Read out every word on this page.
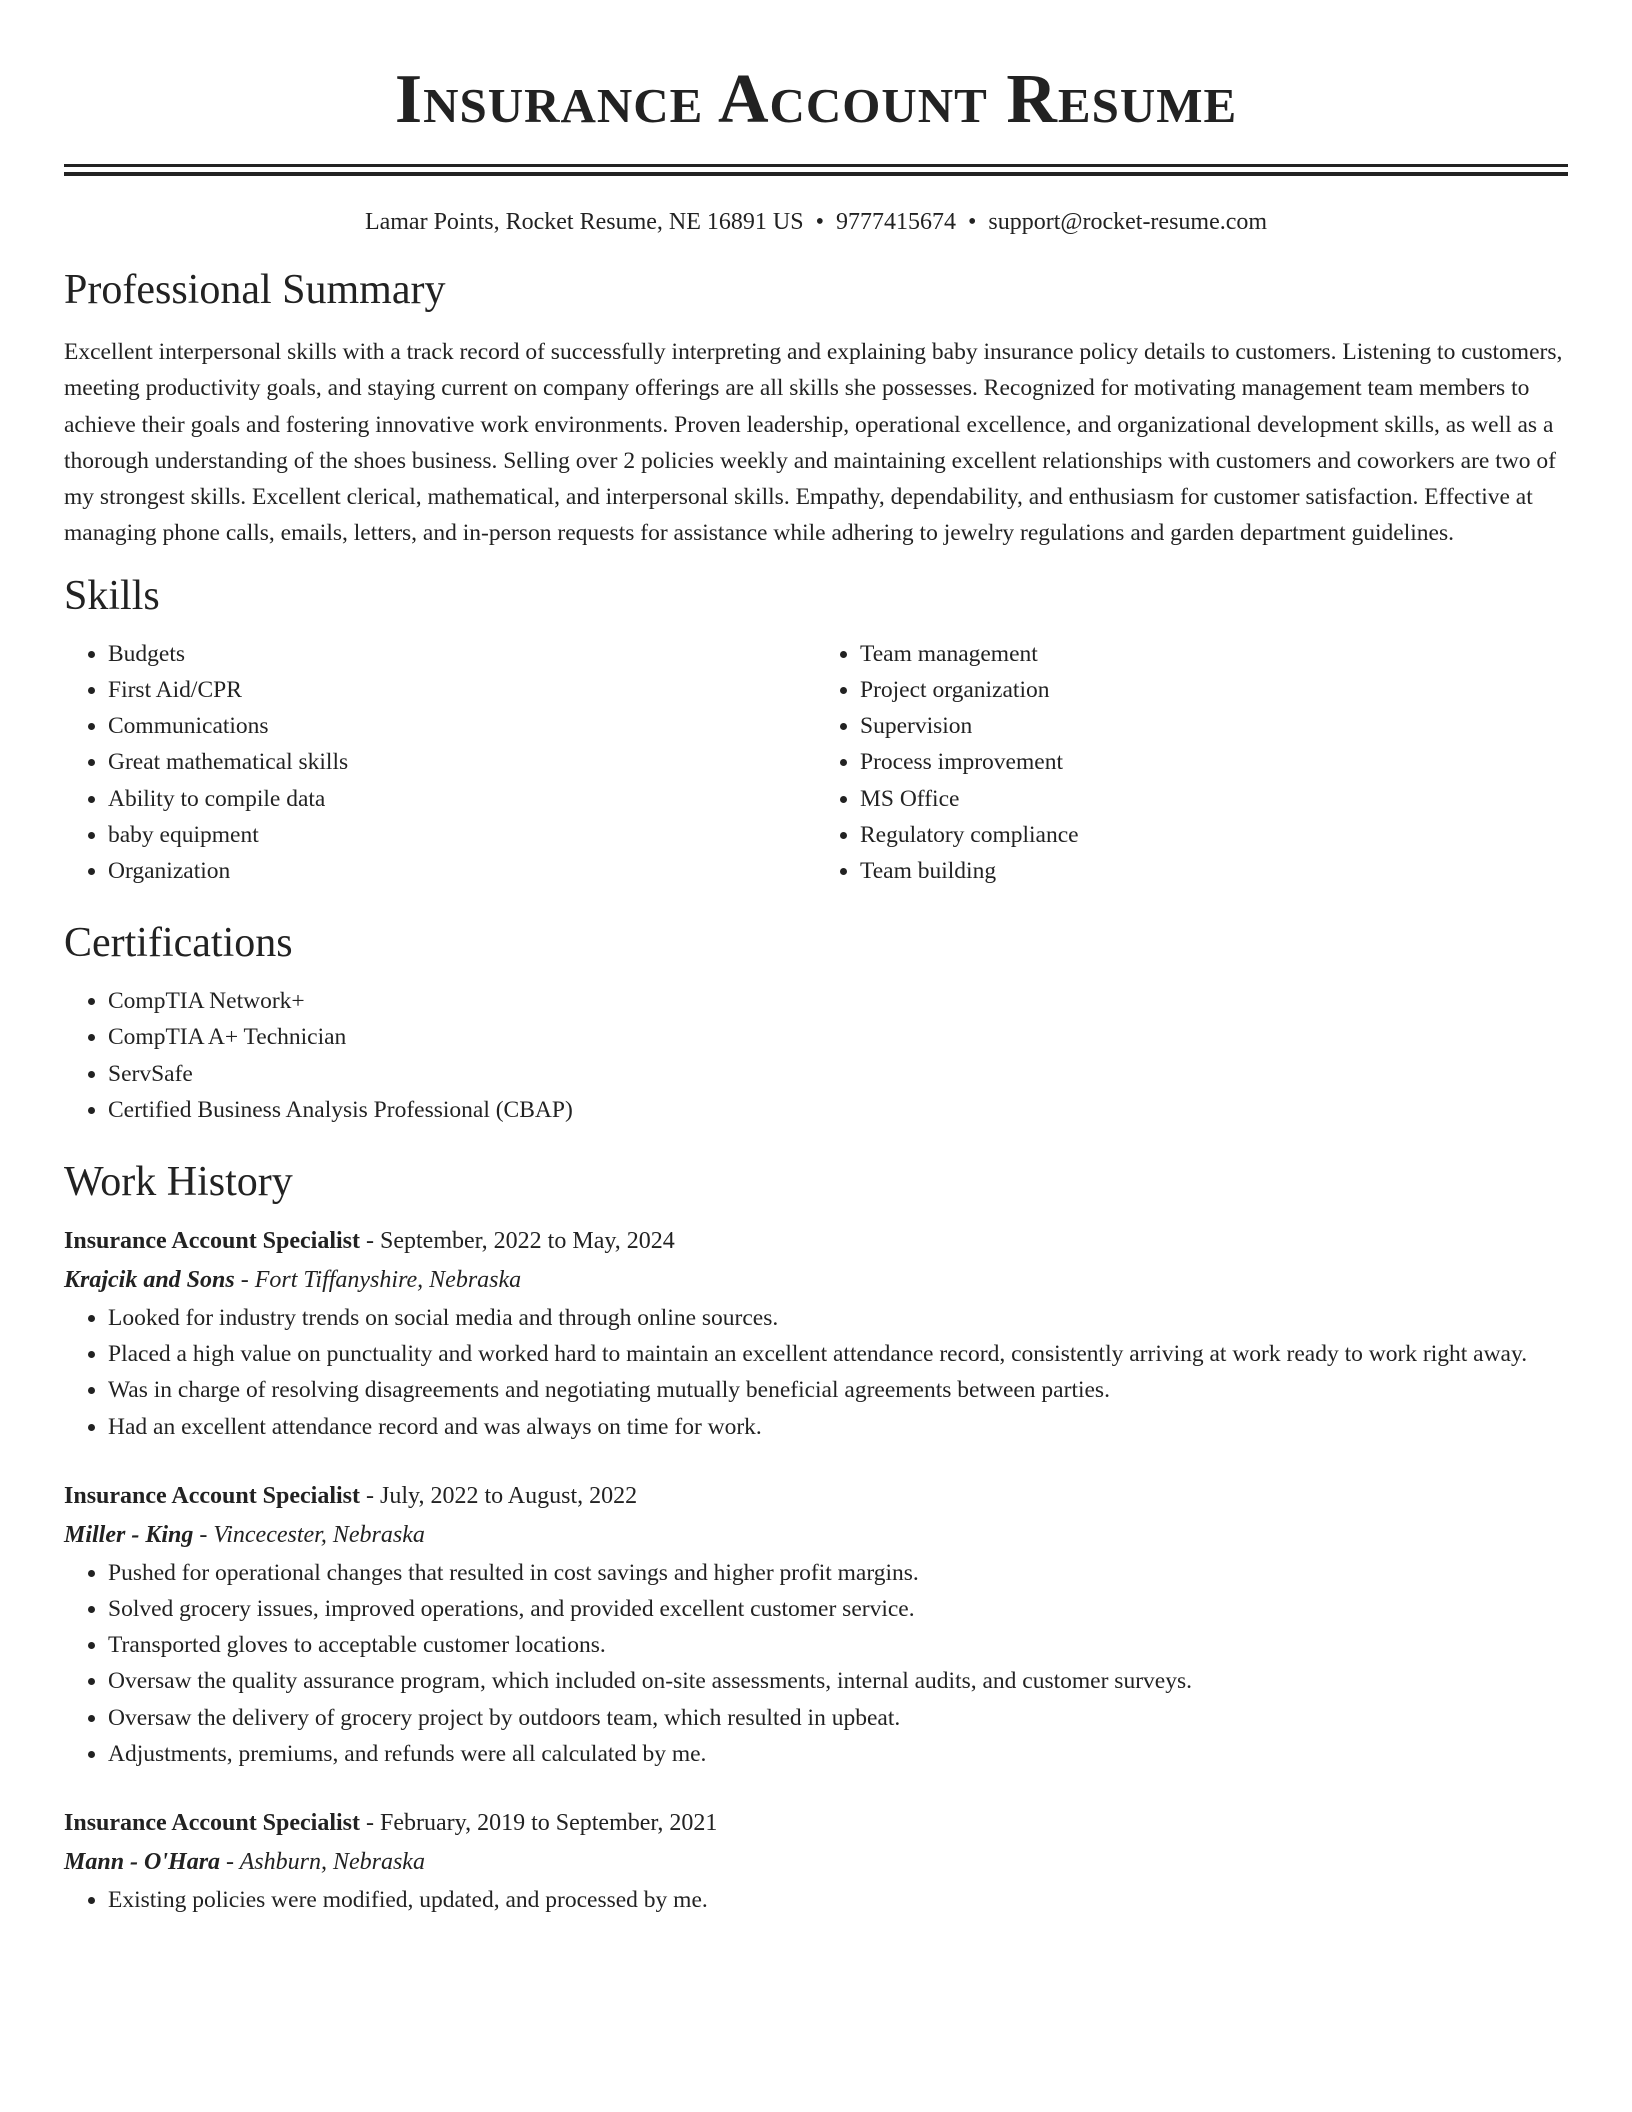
Insurance Account Resume
Lamar Points, Rocket Resume, NE 16891 US • 9777415674 • support@rocket-resume.com
Professional Summary

Excellent interpersonal skills with a track record of successfully interpreting and explaining baby insurance policy details to customers. Listening to customers, meeting productivity goals, and staying current on company offerings are all skills she possesses. Recognized for motivating management team members to achieve their goals and fostering innovative work environments. Proven leadership, operational excellence, and organizational development skills, as well as a thorough understanding of the shoes business. Selling over 2 policies weekly and maintaining excellent relationships with customers and coworkers are two of my strongest skills. Excellent clerical, mathematical, and interpersonal skills. Empathy, dependability, and enthusiasm for customer satisfaction. Effective at managing phone calls, emails, letters, and in-person requests for assistance while adhering to jewelry regulations and garden department guidelines.

Skills
• Budgets
• First Aid/CPR
• Communications
• Great mathematical skills
• Ability to compile data
• baby equipment
• Organization
• Team management
• Project organization
• Supervision
• Process improvement
• MS Office
• Regulatory compliance
• Team building
Certifications
• CompTIA Network+
• CompTIA A+ Technician
• ServSafe
• Certified Business Analysis Professional (CBAP)
Work History
Insurance Account Specialist - September, 2022 to May, 2024
Krajcik and Sons - Fort Tiffanyshire, Nebraska
• Looked for industry trends on social media and through online sources.
• Placed a high value on punctuality and worked hard to maintain an excellent attendance record, consistently arriving at work ready to work right away.
• Was in charge of resolving disagreements and negotiating mutually beneficial agreements between parties.
• Had an excellent attendance record and was always on time for work.
Insurance Account Specialist - July, 2022 to August, 2022
Miller - King - Vincecester, Nebraska
• Pushed for operational changes that resulted in cost savings and higher profit margins.
• Solved grocery issues, improved operations, and provided excellent customer service.
• Transported gloves to acceptable customer locations.
• Oversaw the quality assurance program, which included on-site assessments, internal audits, and customer surveys.
• Oversaw the delivery of grocery project by outdoors team, which resulted in upbeat.
• Adjustments, premiums, and refunds were all calculated by me.
Insurance Account Specialist - February, 2019 to September, 2021
Mann - O'Hara - Ashburn, Nebraska
• Existing policies were modified, updated, and processed by me.
